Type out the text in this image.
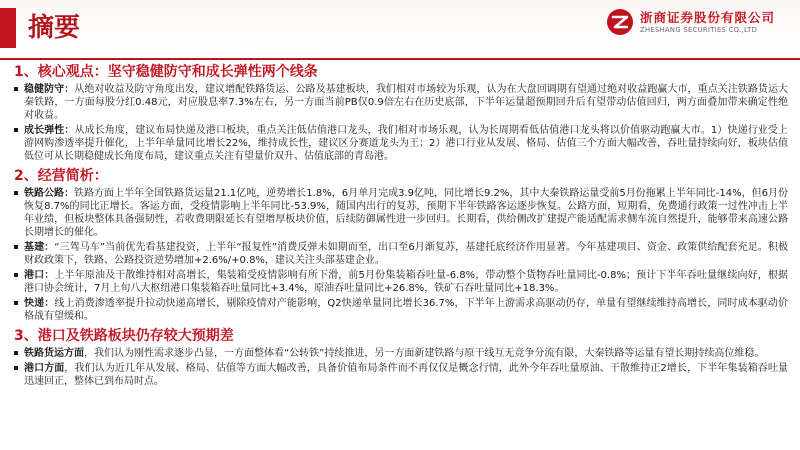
摘要	浙商证券股份有限公司
ZHESHANG SECURITIES CO.,LTD
1、核心观点：坚守稳健防守和成长弹性两个线条
稳健防守：从绝对收益及防守角度出发，建议增配铁路货运、公路及基建板块，我们相对市场较为乐观，认为在大盘回调期有望通过绝对收益跑赢大市，重点关注铁路货运大秦铁路，一方面每股分红0.48元，对应股息率7.3%左右，另一方面当前PB仅0.9倍左右在历史底部，下半年运量超预期回升后有望带动估值回归，两方面叠加带来确定性绝对收益。
成长弹性：从成长角度，建议布局快递及港口板块，重点关注低估值港口龙头，我们相对市场乐观，认为长周期看低估值港口龙头将以价值驱动跑赢大市。1）快递行业受上游网购渗透率提升催化，上半年单量同比增长22%，维持成长性，建议区分赛道龙头为王；2）港口行业从发展、格局、估值三个方面大幅改善，吞吐量持续向好，板块估值低位可从长期稳健成长角度布局，建议重点关注有望量价双升、估值底部的青岛港。
2、经营简析：
铁路公路：铁路方面上半年全国铁路货运量21.1亿吨，逆势增长1.8%，6月单月完成3.9亿吨，同比增长9.2%，其中大秦铁路运量受前5月份拖累上半年同比-14%，但6月份恢复8.7%的同比正增长。客运方面，受疫情影响上半年同比-53.9%，随国内出行的复苏，预期下半年铁路客运逐步恢复。公路方面，短期看，免费通行政策一过性冲击上半年业绩，但板块整体具备强韧性，若收费期限延长有望增厚板块价值，后续防御属性进一步回归。长期看，供给侧改扩建提产能适配需求侧车流自然提升，能够带来高速公路长期增长的催化。
基建：“三驾马车”当前优先看基建投资，上半年“报复性”消费反弹未如期而至，出口至6月渐复苏，基建托底经济作用显著。今年基建项目、资金、政策供给配套充足。积极财政政策下，铁路、公路投资逆势增加+2.6%/+0.8%，建议关注头部基建企业。
港口：上半年原油及干散维持相对高增长，集装箱受疫情影响有所下滑，前5月份集装箱吞吐量-6.8%，带动整个货物吞吐量同比-0.8%；预计下半年吞吐量继续向好，根据港口协会统计，7月上旬八大枢纽港口集装箱吞吐量同比+3.4%，原油吞吐量同比+26.8%，铁矿石吞吐量同比+18.3%。
快递：线上消费渗透率提升拉动快递高增长，剔除疫情对产能影响，Q2快递单量同比增长36.7%，下半年上游需求高驱动仍存，单量有望继续维持高增长，同时成本驱动价格战有望缓和。
3、港口及铁路板块仍存较大预期差
铁路货运方面，我们认为刚性需求逐步凸显，一方面整体看“公转铁”持续推进，另一方面新建铁路与原干线互无竞争分流有限，大秦铁路等运量有望长期持续高位维稳。
港口方面，我们认为近几年从发展、格局、估值等方面大幅改善，具备价值布局条件而不再仅仅是概念行情，此外今年吞吐量原油、干散维持正2增长，下半年集装箱吞吐量迅速回正，整体已到布局时点。
